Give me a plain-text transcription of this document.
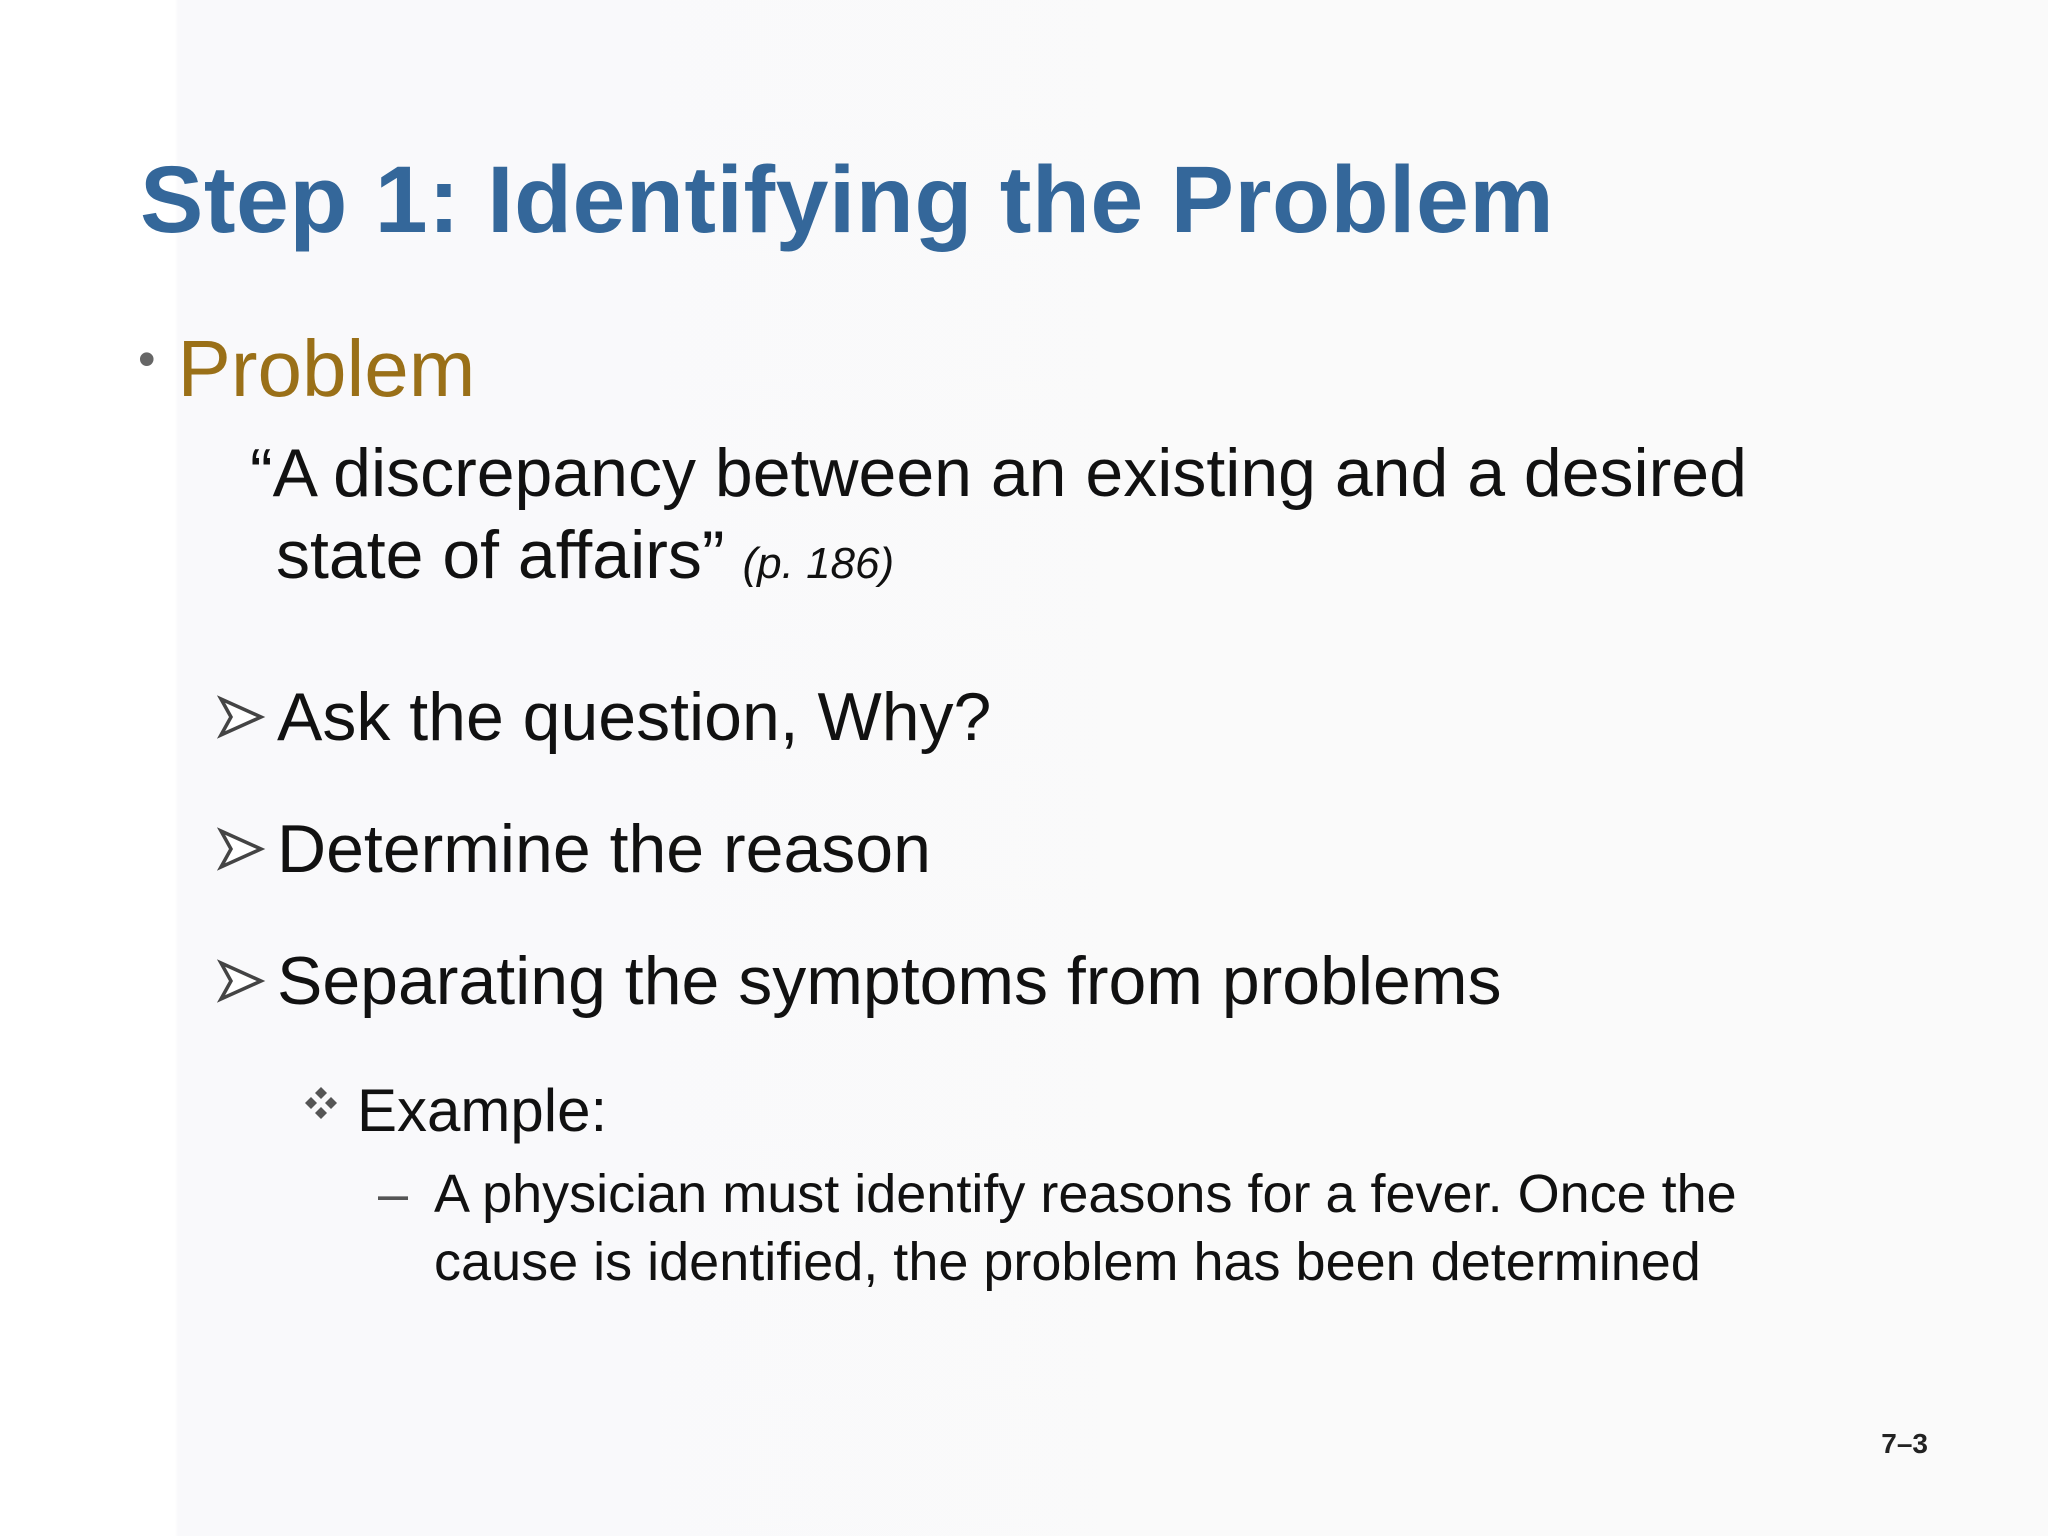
Step 1: Identifying the Problem
• Problem
“A discrepancy between an existing and a desired
state of affairs” (p. 186)
Ask the question, Why?
Determine the reason
Separating the symptoms from problems
Example:
– A physician must identify reasons for a fever. Once the
cause is identified, the problem has been determined
7–3
